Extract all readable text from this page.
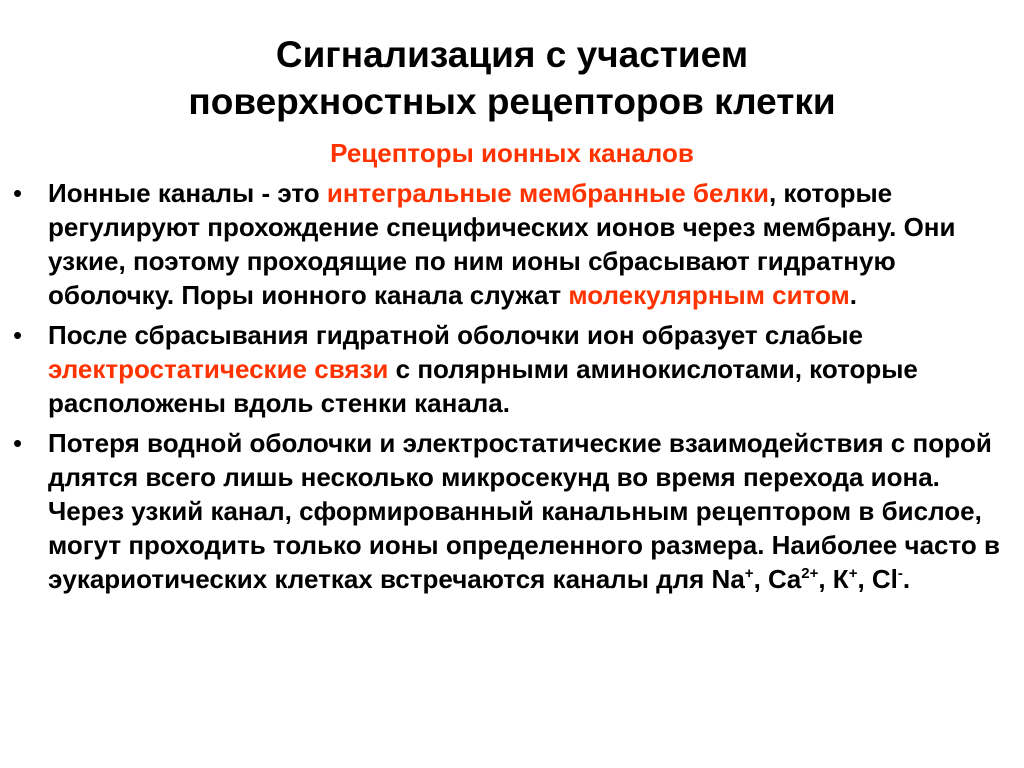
Сигнализация с участием
поверхностных рецепторов клетки
Рецепторы ионных каналов
• Ионные каналы - это интегральные мембранные белки, которые регулируют прохождение специфических ионов через мембрану. Они узкие, поэтому проходящие по ним ионы сбрасывают гидратную оболочку. Поры ионного канала служат молекулярным ситом.
• После сбрасывания гидратной оболочки ион образует слабые электростатические связи с полярными аминокислотами, которые расположены вдоль стенки канала.
• Потеря водной оболочки и электростатические взаимодействия с порой длятся всего лишь несколько микросекунд во время перехода иона. Через узкий канал, сформированный канальным рецептором в бислое, могут проходить только ионы определенного размера. Наиболее часто в эукариотических клетках встречаются каналы для Na+, $Ca^{2+}$, К+, Cl-.
